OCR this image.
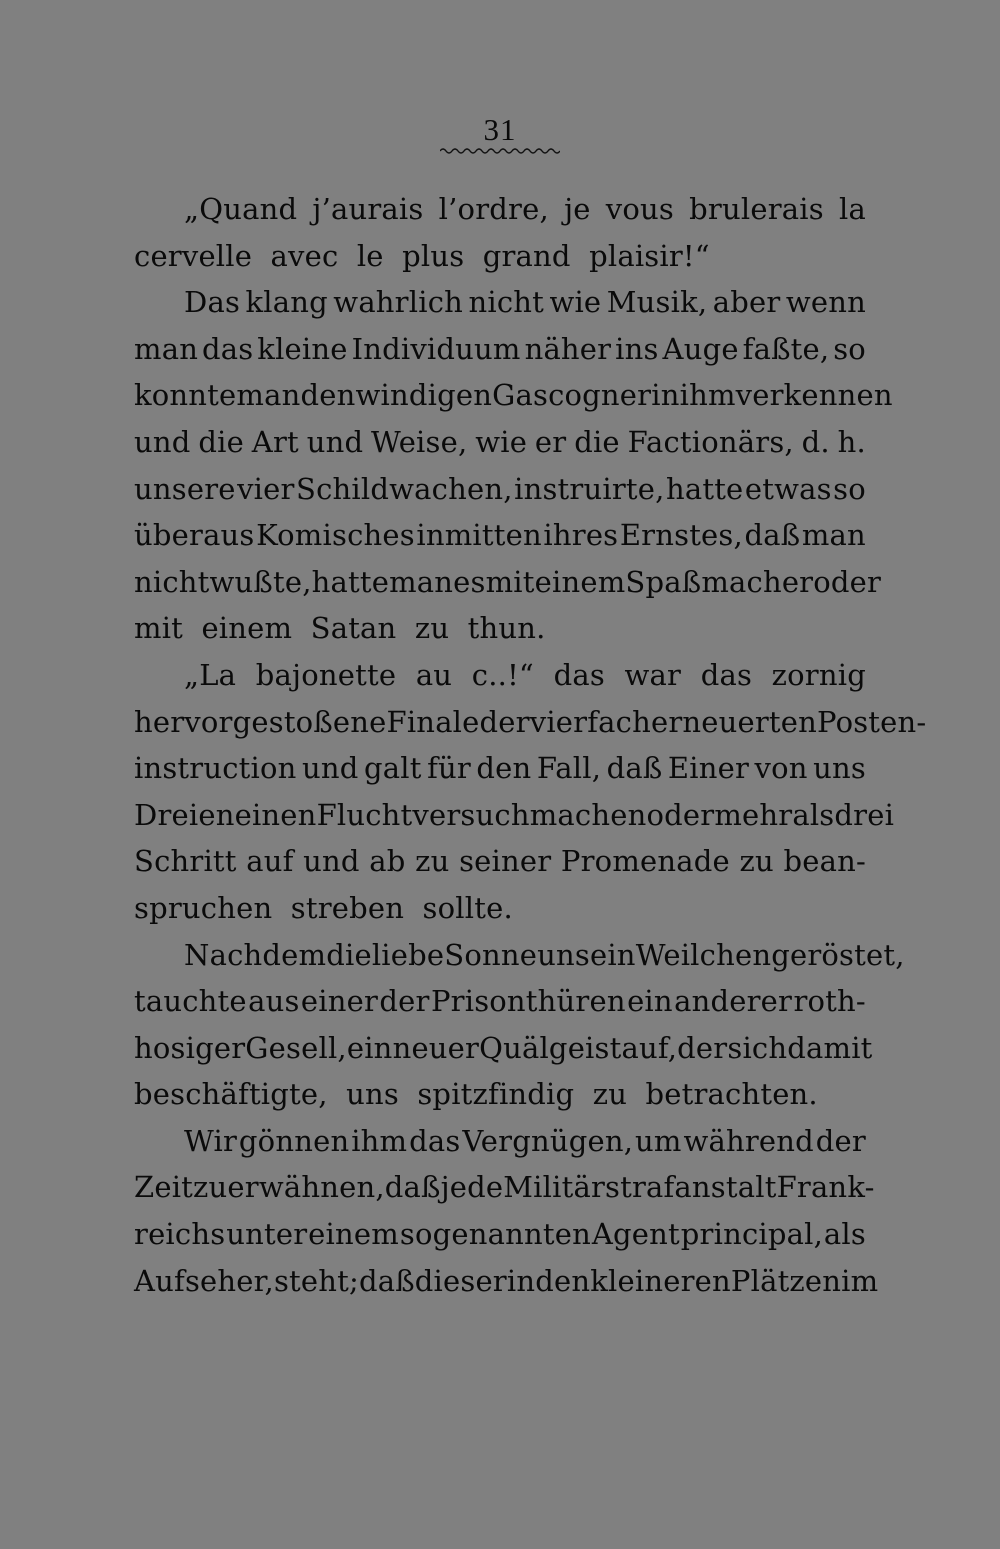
31
„Quand j’aurais l’ordre, je vous brulerais la
cervelle avec le plus grand plaisir!“
Das klang wahrlich nicht wie Musik, aber wenn
man das kleine Individuum näher ins Auge faßte, so
konnte man den windigen Gascogner in ihm verkennen
und die Art und Weise, wie er die Factionärs, d. h.
unsere vier Schildwachen, instruirte, hatte etwas so
überaus Komisches inmitten ihres Ernstes, daß man
nicht wußte, hatte man es mit einem Spaßmacher oder
mit einem Satan zu thun.
„La bajonette au c..!“ das war das zornig
hervorgestoßene Finale der vierfach erneuerten Posten-
instruction und galt für den Fall, daß Einer von uns
Dreien einen Fluchtversuch machen oder mehr als drei
Schritt auf und ab zu seiner Promenade zu bean-
spruchen streben sollte.
Nachdem die liebe Sonne uns ein Weilchen geröstet,
tauchte aus einer der Prisonthüren ein anderer roth-
hosiger Gesell, ein neuer Quälgeist auf, der sich damit
beschäftigte, uns spitzfindig zu betrachten.
Wir gönnen ihm das Vergnügen, um während der
Zeit zu erwähnen, daß jede Militärstrafanstalt Frank-
reichs unter einem sogenannten Agent principal, als
Aufseher, steht; daß dieser in den kleineren Plätzen im
